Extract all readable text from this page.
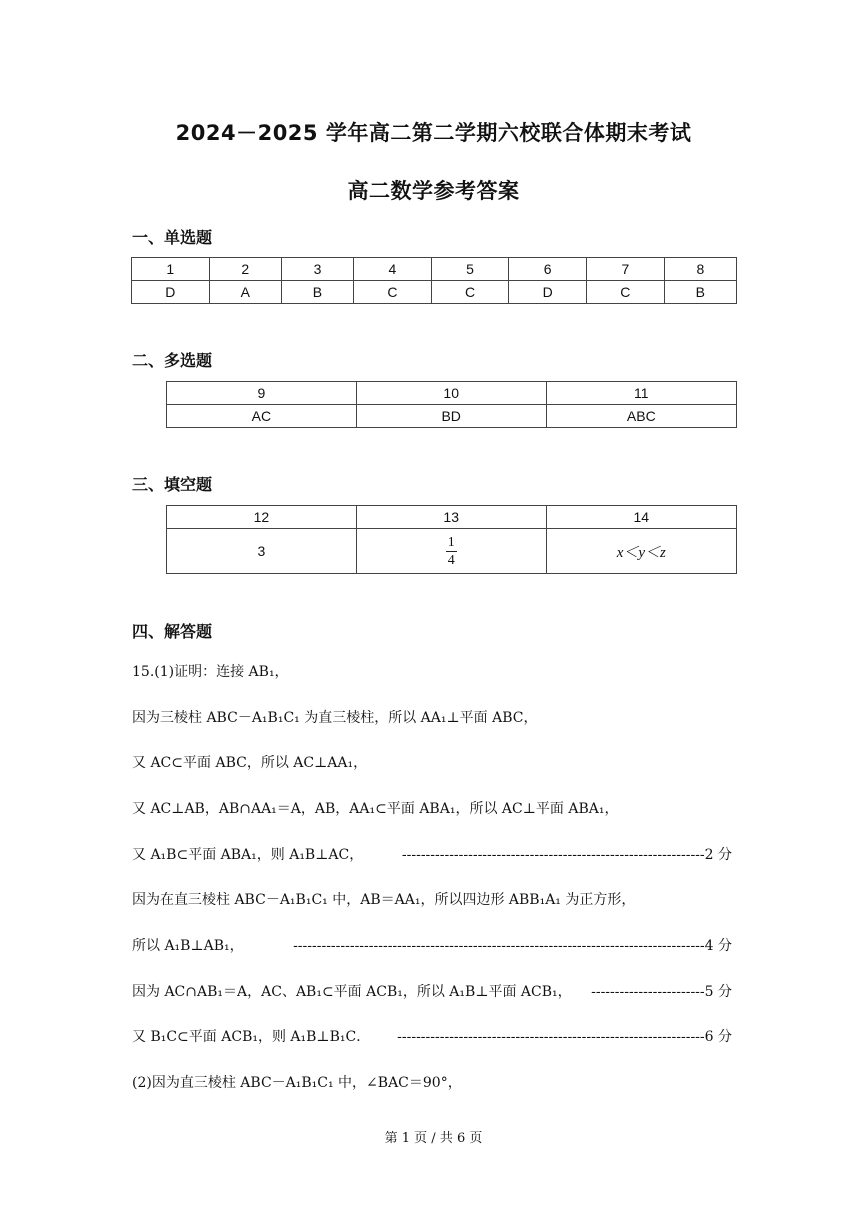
2024－2025 学年高二第二学期六校联合体期末考试
高二数学参考答案
一、单选题
1	2	3	4	5	6	7	8
D	A	B	C	C	D	C	B
二、多选题
9	10	11
AC	BD	ABC
三、填空题
12	13	14
3	$\frac{1}{4}$	x＜y＜z
四、解答题
15.(1)证明：连接 AB₁，
因为三棱柱 ABC－A₁B₁C₁ 为直三棱柱，所以 AA₁⊥平面 ABC，
又 AC⊂平面 ABC，所以 AC⊥AA₁，
又 AC⊥AB，AB∩AA₁＝A，AB，AA₁⊂平面 ABA₁，所以 AC⊥平面 ABA₁，
又 A₁B⊂平面 ABA₁，则 A₁B⊥AC，	----------------------------------------------------------------2 分
因为在直三棱柱 ABC－A₁B₁C₁ 中，AB＝AA₁，所以四边形 ABB₁A₁ 为正方形，
所以 A₁B⊥AB₁，	---------------------------------------------------------------------------------------4 分
因为 AC∩AB₁＝A，AC、AB₁⊂平面 ACB₁，所以 A₁B⊥平面 ACB₁， ------------------------5 分
又 B₁C⊂平面 ACB₁，则 A₁B⊥B₁C． -----------------------------------------------------------------6 分
(2)因为直三棱柱 ABC－A₁B₁C₁ 中，∠BAC＝90°，
第 1 页 / 共 6 页
